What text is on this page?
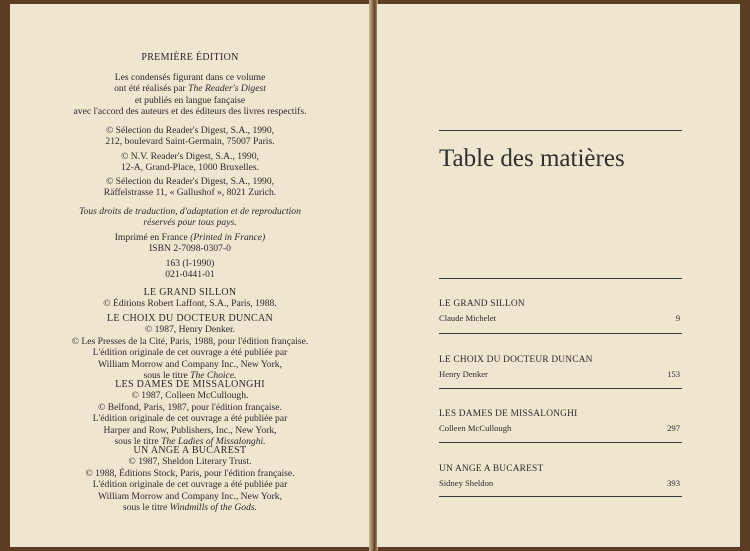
PREMIÈRE ÉDITION
Les condensés figurant dans ce volume
ont été réalisés par The Reader's Digest
et publiés en langue fançaise
avec l'accord des auteurs et des éditeurs des livres respectifs.
© Sélection du Reader's Digest, S.A., 1990,
212, boulevard Saint-Germain, 75007 Paris.
© N.V. Reader's Digest, S.A., 1990,
12-A, Grand-Place, 1000 Bruxelles.
© Sélection du Reader's Digest, S.A., 1990,
Räffelstrasse 11, « Gallushof », 8021 Zurich.
Tous droits de traduction, d'adaptation et de reproduction
réservés pour tous pays.
Imprimé en France (Printed in France)
ISBN 2-7098-0307-0
163 (I-1990)
021-0441-01
LE GRAND SILLON
© Éditions Robert Laffont, S.A., Paris, 1988.
LE CHOIX DU DOCTEUR DUNCAN
© 1987, Henry Denker.
© Les Presses de la Cité, Paris, 1988, pour l'édition française.
L'édition originale de cet ouvrage a été publiée par
William Morrow and Company Inc., New York,
sous le titre The Choice.
LES DAMES DE MISSALONGHI
© 1987, Colleen McCullough.
© Belfond, Paris, 1987, pour l'édition française.
L'édition originale de cet ouvrage a été publiée par
Harper and Row, Publishers, Inc., New York,
sous le titre The Ladies of Missalonghi.
UN ANGE A BUCAREST
© 1987, Sheldon Literary Trust.
© 1988, Éditions Stock, Paris, pour l'édition française.
L'édition originale de cet ouvrage a été publiée par
William Morrow and Company Inc., New York,
sous le titre Windmills of the Gods.
Table des matières
LE GRAND SILLON
Claude Michelet	9
LE CHOIX DU DOCTEUR DUNCAN
Henry Denker	153
LES DAMES DE MISSALONGHI
Colleen McCullough	297
UN ANGE A BUCAREST
Sidney Sheldon	393
